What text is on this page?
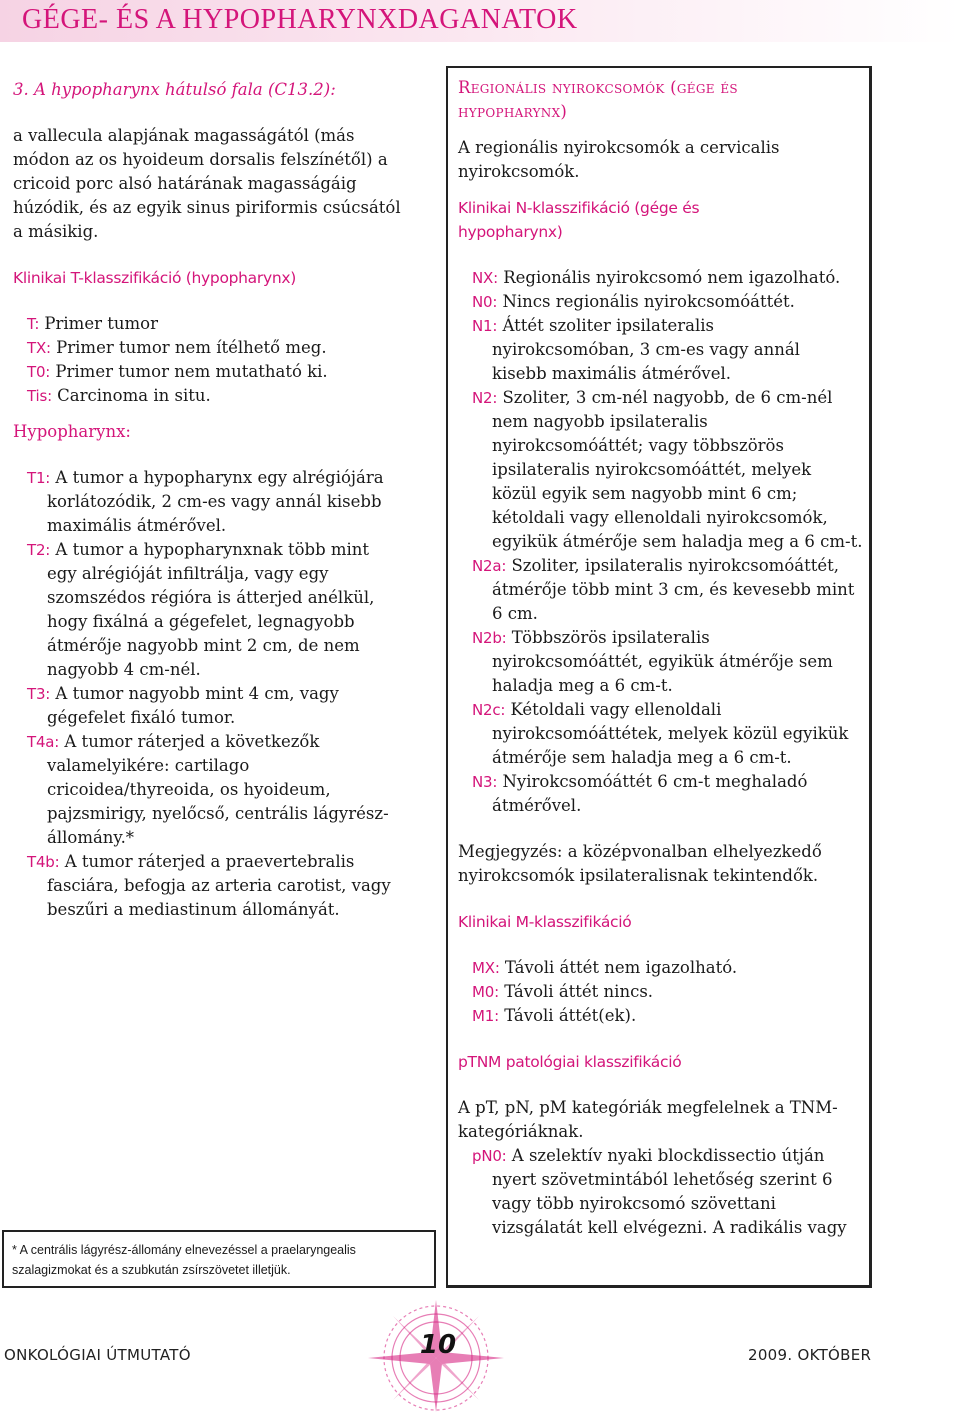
GÉGE- ÉS A HYPOPHARYNXDAGANATOK

3. A hypopharynx hátulsó fala (C13.2):

a vallecula alapjának magasságától (más

módon az os hyoideum dorsalis felszínétől) a

cricoid porc alsó határának magasságáig

húzódik, és az egyik sinus piriformis csúcsától

a másikig.

Klinikai T-klasszifikáció (hypopharynx)

T: Primer tumor

TX: Primer tumor nem ítélhető meg.

T0: Primer tumor nem mutatható ki.

Tis: Carcinoma in situ.

Hypopharynx:

T1: A tumor a hypopharynx egy alrégiójára

korlátozódik, 2 cm-es vagy annál kisebb

maximális átmérővel.

T2: A tumor a hypopharynxnak több mint

egy alrégióját infiltrálja, vagy egy

szomszédos régióra is átterjed anélkül,

hogy fixálná a gégefelet, legnagyobb

átmérője nagyobb mint 2 cm, de nem

nagyobb 4 cm-nél.

T3: A tumor nagyobb mint 4 cm, vagy

gégefelet fixáló tumor.

T4a: A tumor ráterjed a következők

valamelyikére: cartilago

cricoidea/thyreoida, os hyoideum,

pajzsmirigy, nyelőcső, centrális lágyrész-

állomány.*

T4b: A tumor ráterjed a praevertebralis

fasciára, befogja az arteria carotist, vagy

beszűri a mediastinum állományát.

* A centrális lágyrész-állomány elnevezéssel a praelaryngealis

szalagizmokat és a szubkután zsírszövetet illetjük.

Regionális nyirokcsomók (gége és

hypopharynx)

A regionális nyirokcsomók a cervicalis

nyirokcsomók.

Klinikai N-klasszifikáció (gége és

hypopharynx)

NX: Regionális nyirokcsomó nem igazolható.

N0: Nincs regionális nyirokcsomóáttét.

N1: Áttét szoliter ipsilateralis

nyirokcsomóban, 3 cm-es vagy annál

kisebb maximális átmérővel.

N2: Szoliter, 3 cm-nél nagyobb, de 6 cm-nél

nem nagyobb ipsilateralis

nyirokcsomóáttét; vagy többszörös

ipsilateralis nyirokcsomóáttét, melyek

közül egyik sem nagyobb mint 6 cm;

kétoldali vagy ellenoldali nyirokcsomók,

egyikük átmérője sem haladja meg a 6 cm-t.

N2a: Szoliter, ipsilateralis nyirokcsomóáttét,

átmérője több mint 3 cm, és kevesebb mint

6 cm.

N2b: Többszörös ipsilateralis

nyirokcsomóáttét, egyikük átmérője sem

haladja meg a 6 cm-t.

N2c: Kétoldali vagy ellenoldali

nyirokcsomóáttétek, melyek közül egyikük

átmérője sem haladja meg a 6 cm-t.

N3: Nyirokcsomóáttét 6 cm-t meghaladó

átmérővel.

Megjegyzés: a középvonalban elhelyezkedő

nyirokcsomók ipsilateralisnak tekintendők.

Klinikai M-klasszifikáció

MX: Távoli áttét nem igazolható.

M0: Távoli áttét nincs.

M1: Távoli áttét(ek).

pTNM patológiai klasszifikáció

A pT, pN, pM kategóriák megfelelnek a TNM-

kategóriáknak.

pN0: A szelektív nyaki blockdissectio útján

nyert szövetmintából lehetőség szerint 6

vagy több nyirokcsomó szövettani

vizsgálatát kell elvégezni. A radikális vagy

ONKOLÓGIAI ÚTMUTATÓ	10	2009. OKTÓBER
